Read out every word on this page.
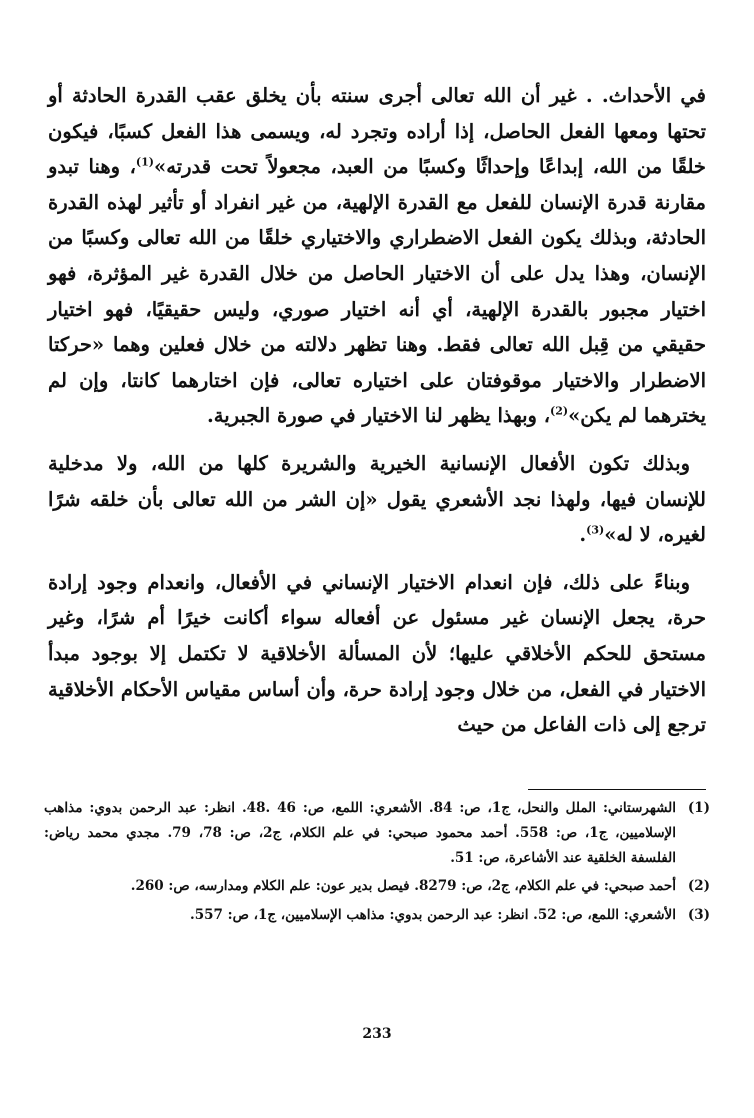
في الأحداث. . غير أن الله تعالى أجرى سنته بأن يخلق عقب القدرة الحادثة أو تحتها ومعها الفعل الحاصل، إذا أراده وتجرد له، ويسمى هذا الفعل كسبًا، فيكون خلقًا من الله، إبداعًا وإحداثًا وكسبًا من العبد، مجعولاً تحت قدرته»$^{(1)}$، وهنا تبدو مقارنة قدرة الإنسان للفعل مع القدرة الإلهية، من غير انفراد أو تأثير لهذه القدرة الحادثة، وبذلك يكون الفعل الاضطراري والاختياري خلقًا من الله تعالى وكسبًا من الإنسان، وهذا يدل على أن الاختيار الحاصل من خلال القدرة غير المؤثرة، فهو اختيار مجبور بالقدرة الإلهية، أي أنه اختيار صوري، وليس حقيقيًا، فهو اختيار حقيقي من قِبل الله تعالى فقط. وهنا تظهر دلالته من خلال فعلين وهما «حركتا الاضطرار والاختيار موقوفتان على اختياره تعالى، فإن اختارهما كانتا، وإن لم يخترهما لم يكن»$^{(2)}$، وبهذا يظهر لنا الاختيار في صورة الجبرية.

وبذلك تكون الأفعال الإنسانية الخيرية والشريرة كلها من الله، ولا مدخلية للإنسان فيها، ولهذا نجد الأشعري يقول «إن الشر من الله تعالى بأن خلقه شرًا لغيره، لا له»$^{(3)}$.

وبناءً على ذلك، فإن انعدام الاختيار الإنساني في الأفعال، وانعدام وجود إرادة حرة، يجعل الإنسان غير مسئول عن أفعاله سواء أكانت خيرًا أم شرًا، وغير مستحق للحكم الأخلاقي عليها؛ لأن المسألة الأخلاقية لا تكتمل إلا بوجود مبدأ الاختيار في الفعل، من خلال وجود إرادة حرة، وأن أساس مقياس الأحكام الأخلاقية ترجع إلى ذات الفاعل من حيث

(1)
الشهرستاني: الملل والنحل، ج1، ص: 84. الأشعري: اللمع، ص: 46 .48. انظر: عبد الرحمن بدوي: مذاهب الإسلاميين، ج1، ص: 558. أحمد محمود صبحي: في علم الكلام، ج2، ص: 78، 79. مجدي محمد رياض: الفلسفة الخلقية عند الأشاعرة، ص: 51.
(2)
أحمد صبحي: في علم الكلام، ج2، ص: 8279. فيصل بدير عون: علم الكلام ومدارسه، ص: 260.
(3)
الأشعري: اللمع، ص: 52. انظر: عبد الرحمن بدوي: مذاهب الإسلاميين، ج1، ص: 557.
233
